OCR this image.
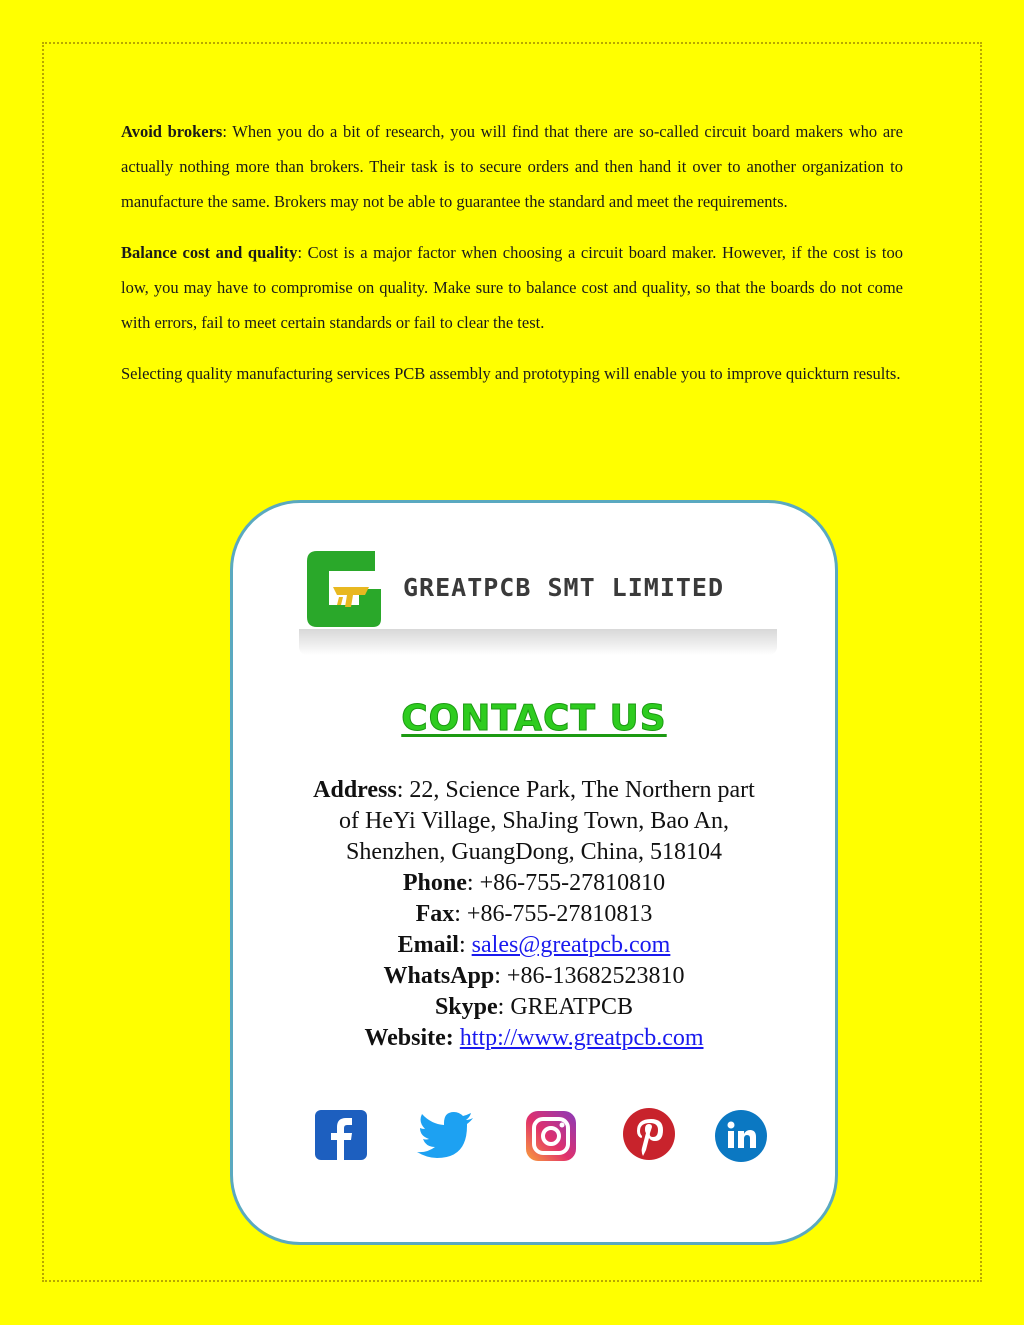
Avoid brokers: When you do a bit of research, you will find that there are so-called circuit board makers who are actually nothing more than brokers. Their task is to secure orders and then hand it over to another organization to manufacture the same. Brokers may not be able to guarantee the standard and meet the requirements.

Balance cost and quality: Cost is a major factor when choosing a circuit board maker. However, if the cost is too low, you may have to compromise on quality. Make sure to balance cost and quality, so that the boards do not come with errors, fail to meet certain standards or fail to clear the test.

Selecting quality manufacturing services PCB assembly and prototyping will enable you to improve quickturn results.

GREATPCB SMT LIMITED
CONTACT US
Address: 22, Science Park, The Northern part
of HeYi Village, ShaJing Town, Bao An,
Shenzhen, GuangDong, China, 518104
Phone: +86-755-27810810
Fax: +86-755-27810813
Email: sales@greatpcb.com
WhatsApp: +86-13682523810
Skype: GREATPCB
Website: http://www.greatpcb.com
